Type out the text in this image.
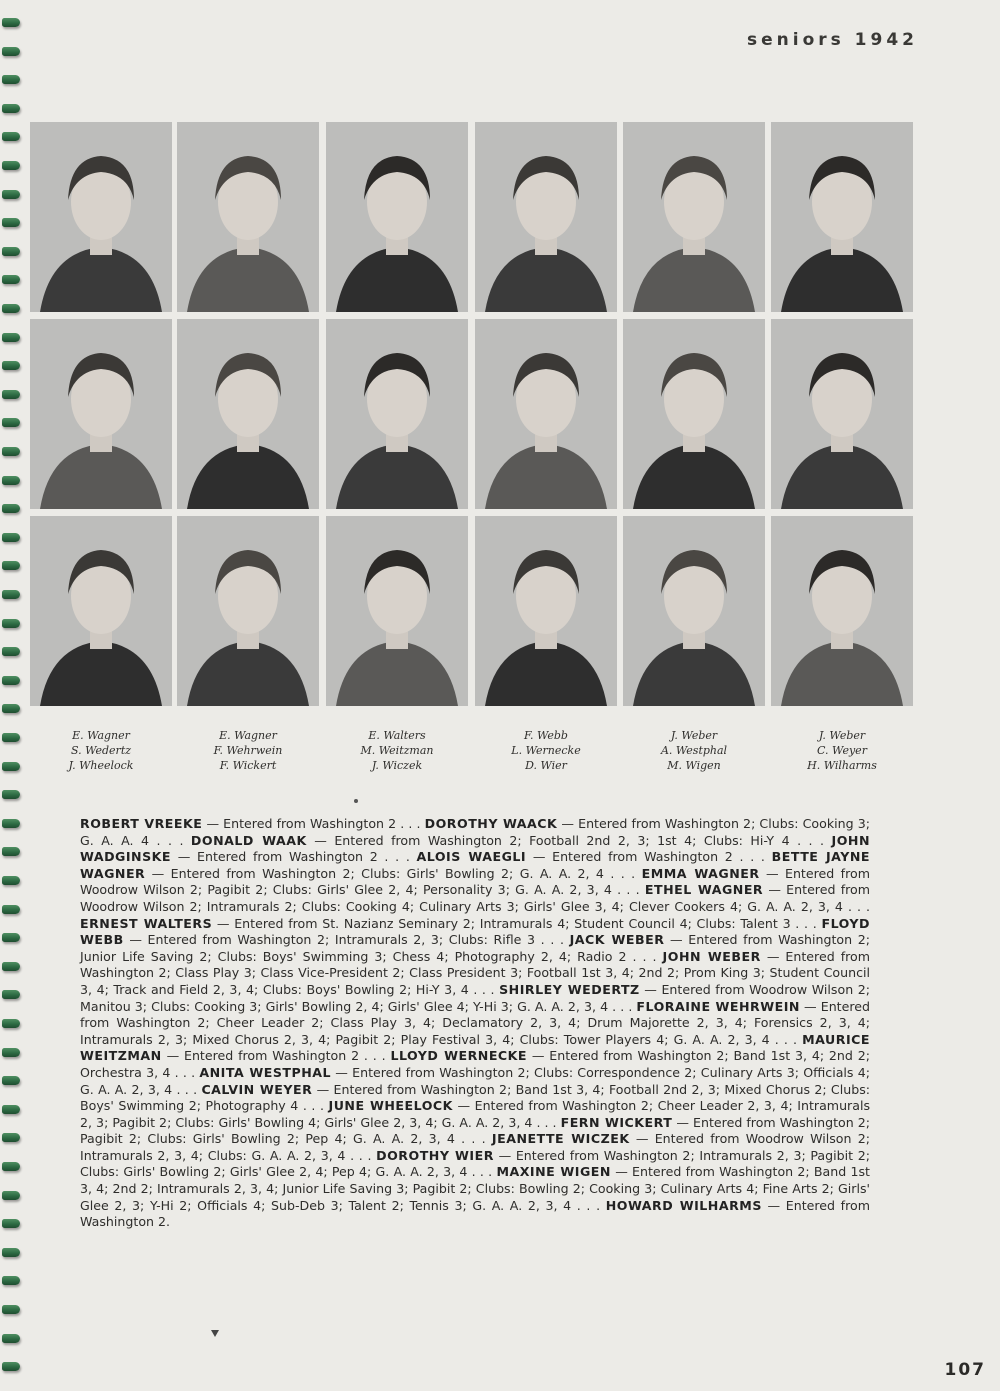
seniors 1942
E. Wagner
S. Wedertz
J. Wheelock
E. Wagner
F. Wehrwein
F. Wickert
E. Walters
M. Weitzman
J. Wiczek
F. Webb
L. Wernecke
D. Wier
J. Weber
A. Westphal
M. Wigen
J. Weber
C. Weyer
H. Wilharms
ROBERT VREEKE — Entered from Washington 2 . . . DOROTHY WAACK — Entered from Washington 2; Clubs: Cooking 3; G. A. A. 4 . . . DONALD WAAK — Entered from Washington 2; Football 2nd 2, 3; 1st 4; Clubs: Hi-Y 4 . . . JOHN WADGINSKE — Entered from Washington 2 . . . ALOIS WAEGLI — Entered from Washington 2 . . . BETTE JAYNE WAGNER — Entered from Washington 2; Clubs: Girls' Bowling 2; G. A. A. 2, 4 . . . EMMA WAGNER — Entered from Woodrow Wilson 2; Pagibit 2; Clubs: Girls' Glee 2, 4; Personality 3; G. A. A. 2, 3, 4 . . . ETHEL WAGNER — Entered from Woodrow Wilson 2; Intramurals 2; Clubs: Cooking 4; Culinary Arts 3; Girls' Glee 3, 4; Clever Cookers 4; G. A. A. 2, 3, 4 . . . ERNEST WALTERS — Entered from St. Nazianz Seminary 2; Intramurals 4; Student Council 4; Clubs: Talent 3 . . . FLOYD WEBB — Entered from Washington 2; Intramurals 2, 3; Clubs: Rifle 3 . . . JACK WEBER — Entered from Washington 2; Junior Life Saving 2; Clubs: Boys' Swimming 3; Chess 4; Photography 2, 4; Radio 2 . . . JOHN WEBER — Entered from Washington 2; Class Play 3; Class Vice-President 2; Class President 3; Football 1st 3, 4; 2nd 2; Prom King 3; Student Council 3, 4; Track and Field 2, 3, 4; Clubs: Boys' Bowling 2; Hi-Y 3, 4 . . . SHIRLEY WEDERTZ — Entered from Woodrow Wilson 2; Manitou 3; Clubs: Cooking 3; Girls' Bowling 2, 4; Girls' Glee 4; Y-Hi 3; G. A. A. 2, 3, 4 . . . FLORAINE WEHRWEIN — Entered from Washington 2; Cheer Leader 2; Class Play 3, 4; Declamatory 2, 3, 4; Drum Majorette 2, 3, 4; Forensics 2, 3, 4; Intramurals 2, 3; Mixed Chorus 2, 3, 4; Pagibit 2; Play Festival 3, 4; Clubs: Tower Players 4; G. A. A. 2, 3, 4 . . . MAURICE WEITZMAN — Entered from Washington 2 . . . LLOYD WERNECKE — Entered from Washington 2; Band 1st 3, 4; 2nd 2; Orchestra 3, 4 . . . ANITA WESTPHAL — Entered from Washington 2; Clubs: Correspondence 2; Culinary Arts 3; Officials 4; G. A. A. 2, 3, 4 . . . CALVIN WEYER — Entered from Washington 2; Band 1st 3, 4; Football 2nd 2, 3; Mixed Chorus 2; Clubs: Boys' Swimming 2; Photography 4 . . . JUNE WHEELOCK — Entered from Washington 2; Cheer Leader 2, 3, 4; Intramurals 2, 3; Pagibit 2; Clubs: Girls' Bowling 4; Girls' Glee 2, 3, 4; G. A. A. 2, 3, 4 . . . FERN WICKERT — Entered from Washington 2; Pagibit 2; Clubs: Girls' Bowling 2; Pep 4; G. A. A. 2, 3, 4 . . . JEANETTE WICZEK — Entered from Woodrow Wilson 2; Intramurals 2, 3, 4; Clubs: G. A. A. 2, 3, 4 . . . DOROTHY WIER — Entered from Washington 2; Intramurals 2, 3; Pagibit 2; Clubs: Girls' Bowling 2; Girls' Glee 2, 4; Pep 4; G. A. A. 2, 3, 4 . . . MAXINE WIGEN — Entered from Washington 2; Band 1st 3, 4; 2nd 2; Intramurals 2, 3, 4; Junior Life Saving 3; Pagibit 2; Clubs: Bowling 2; Cooking 3; Culinary Arts 4; Fine Arts 2; Girls' Glee 2, 3; Y-Hi 2; Officials 4; Sub-Deb 3; Talent 2; Tennis 3; G. A. A. 2, 3, 4 . . . HOWARD WILHARMS — Entered from Washington 2.
107
